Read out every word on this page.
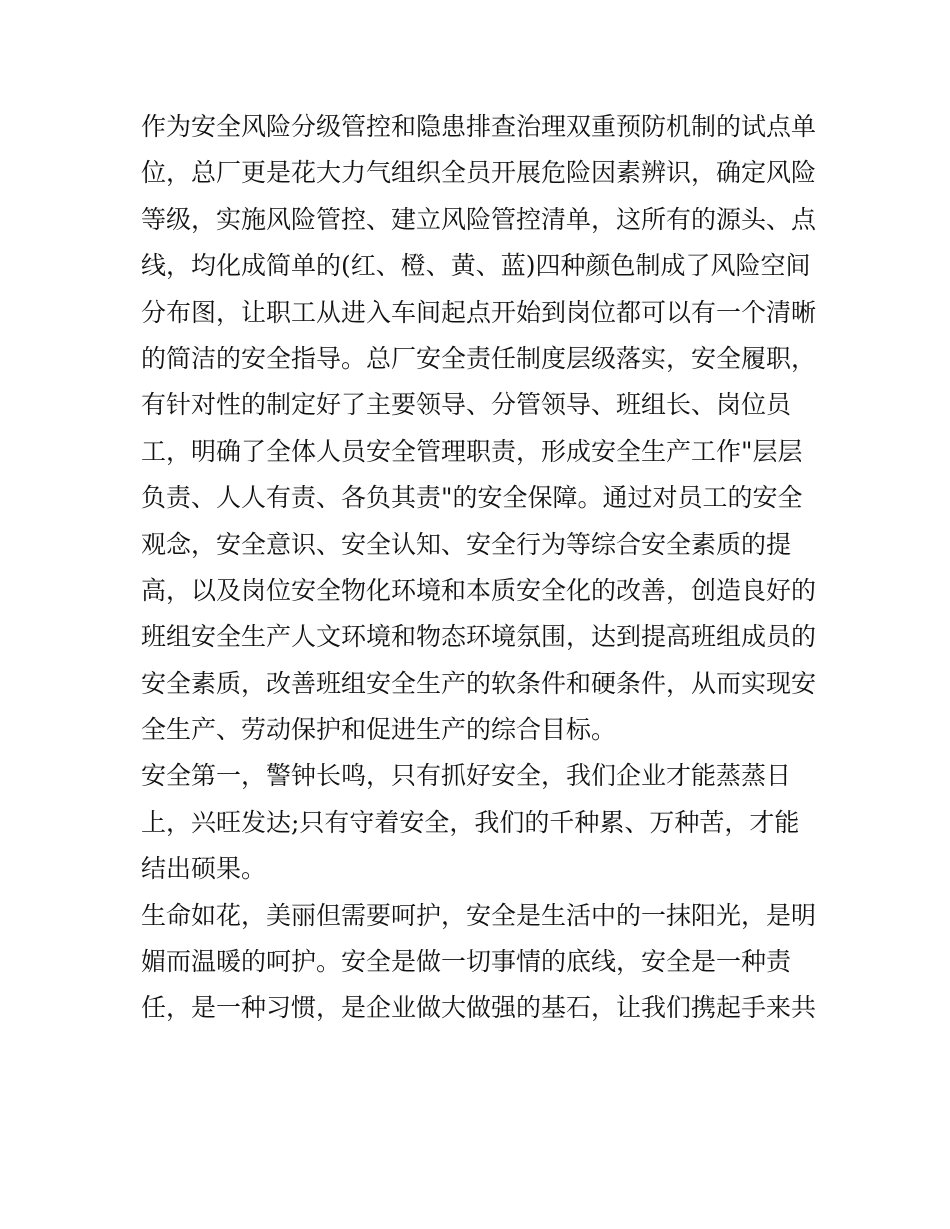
作为安全风险分级管控和隐患排查治理双重预防机制的试点单
位，总厂更是花大力气组织全员开展危险因素辨识，确定风险
等级，实施风险管控、建立风险管控清单，这所有的源头、点
线，均化成简单的(红、橙、黄、蓝)四种颜色制成了风险空间
分布图，让职工从进入车间起点开始到岗位都可以有一个清晰
的简洁的安全指导。总厂安全责任制度层级落实，安全履职，
有针对性的制定好了主要领导、分管领导、班组长、岗位员
工，明确了全体人员安全管理职责，形成安全生产工作"层层
负责、人人有责、各负其责"的安全保障。通过对员工的安全
观念，安全意识、安全认知、安全行为等综合安全素质的提
高，以及岗位安全物化环境和本质安全化的改善，创造良好的
班组安全生产人文环境和物态环境氛围，达到提高班组成员的
安全素质，改善班组安全生产的软条件和硬条件，从而实现安
全生产、劳动保护和促进生产的综合目标。
安全第一，警钟长鸣，只有抓好安全，我们企业才能蒸蒸日
上，兴旺发达;只有守着安全，我们的千种累、万种苦，才能
结出硕果。
生命如花，美丽但需要呵护，安全是生活中的一抹阳光，是明
媚而温暖的呵护。安全是做一切事情的底线，安全是一种责
任，是一种习惯，是企业做大做强的基石，让我们携起手来共
